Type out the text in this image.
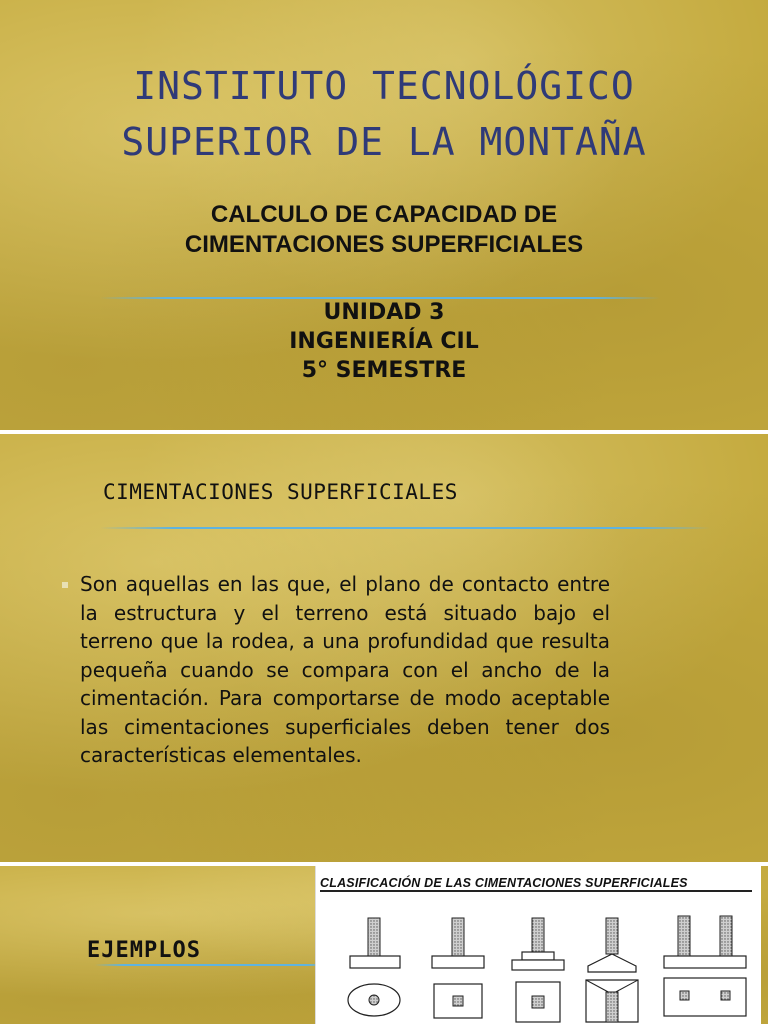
INSTITUTO TECNOLÓGICO
SUPERIOR DE LA MONTAÑA
CALCULO DE CAPACIDAD DE
CIMENTACIONES SUPERFICIALES
UNIDAD 3
INGENIERÍA CIL
5° SEMESTRE
CIMENTACIONES SUPERFICIALES

Son aquellas en las que, el plano de contacto entre la estructura y el terreno está situado bajo el terreno que la rodea, a una profundidad que resulta pequeña cuando se compara con el ancho de la cimentación. Para comportarse de modo aceptable las cimentaciones superficiales deben tener dos características elementales.

EJEMPLOS

CLASIFICACIÓN DE LAS CIMENTACIONES SUPERFICIALES
